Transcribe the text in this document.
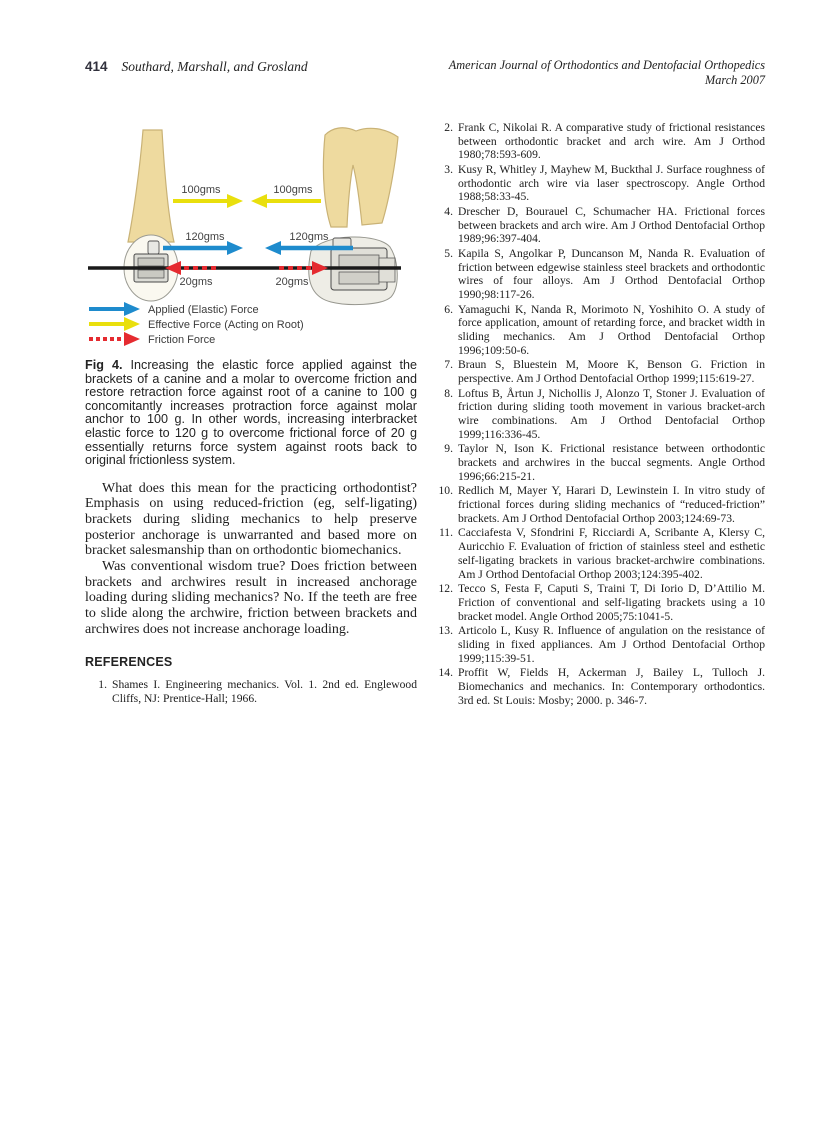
414 Southard, Marshall, and Grosland	American Journal of Orthodontics and Dentofacial Orthopedics
March 2007
100gms	100gms
120gms	120gms
20gms	20gms
Applied (Elastic) Force
Effective Force (Acting on Root)
Friction Force

Fig 4. Increasing the elastic force applied against the brackets of a canine and a molar to overcome friction and restore retraction force against root of a canine to 100 g concomitantly increases protraction force against molar anchor to 100 g. In other words, increasing interbracket elastic force to 120 g to overcome frictional force of 20 g essentially returns force system against roots back to original frictionless system.

What does this mean for the practicing orthodontist? Emphasis on using reduced-friction (eg, self-ligating) brackets during sliding mechanics to help preserve posterior anchorage is unwarranted and based more on bracket salesmanship than on orthodontic biomechanics.

Was conventional wisdom true? Does friction between brackets and archwires result in increased anchorage loading during sliding mechanics? No. If the teeth are free to slide along the archwire, friction between brackets and archwires does not increase anchorage loading.

REFERENCES
1. Shames I. Engineering mechanics. Vol. 1. 2nd ed. Englewood Cliffs, NJ: Prentice-Hall; 1966.
2. Frank C, Nikolai R. A comparative study of frictional resistances between orthodontic bracket and arch wire. Am J Orthod 1980;78:593-609.
3. Kusy R, Whitley J, Mayhew M, Buckthal J. Surface roughness of orthodontic arch wire via laser spectroscopy. Angle Orthod 1988;58:33-45.
4. Drescher D, Bourauel C, Schumacher HA. Frictional forces between brackets and arch wire. Am J Orthod Dentofacial Orthop 1989;96:397-404.
5. Kapila S, Angolkar P, Duncanson M, Nanda R. Evaluation of friction between edgewise stainless steel brackets and orthodontic wires of four alloys. Am J Orthod Dentofacial Orthop 1990;98:117-26.
6. Yamaguchi K, Nanda R, Morimoto N, Yoshihito O. A study of force application, amount of retarding force, and bracket width in sliding mechanics. Am J Orthod Dentofacial Orthop 1996;109:50-6.
7. Braun S, Bluestein M, Moore K, Benson G. Friction in perspective. Am J Orthod Dentofacial Orthop 1999;115:619-27.
8. Loftus B, Årtun J, Nichollis J, Alonzo T, Stoner J. Evaluation of friction during sliding tooth movement in various bracket-arch wire combinations. Am J Orthod Dentofacial Orthop 1999;116:336-45.
9. Taylor N, Ison K. Frictional resistance between orthodontic brackets and archwires in the buccal segments. Angle Orthod 1996;66:215-21.
10. Redlich M, Mayer Y, Harari D, Lewinstein I. In vitro study of frictional forces during sliding mechanics of “reduced-friction” brackets. Am J Orthod Dentofacial Orthop 2003;124:69-73.
11. Cacciafesta V, Sfondrini F, Ricciardi A, Scribante A, Klersy C, Auricchio F. Evaluation of friction of stainless steel and esthetic self-ligating brackets in various bracket-archwire combinations. Am J Orthod Dentofacial Orthop 2003;124:395-402.
12. Tecco S, Festa F, Caputi S, Traini T, Di Iorio D, D’Attilio M. Friction of conventional and self-ligating brackets using a 10 bracket model. Angle Orthod 2005;75:1041-5.
13. Articolo L, Kusy R. Influence of angulation on the resistance of sliding in fixed appliances. Am J Orthod Dentofacial Orthop 1999;115:39-51.
14. Proffit W, Fields H, Ackerman J, Bailey L, Tulloch J. Biomechanics and mechanics. In: Contemporary orthodontics. 3rd ed. St Louis: Mosby; 2000. p. 346-7.
